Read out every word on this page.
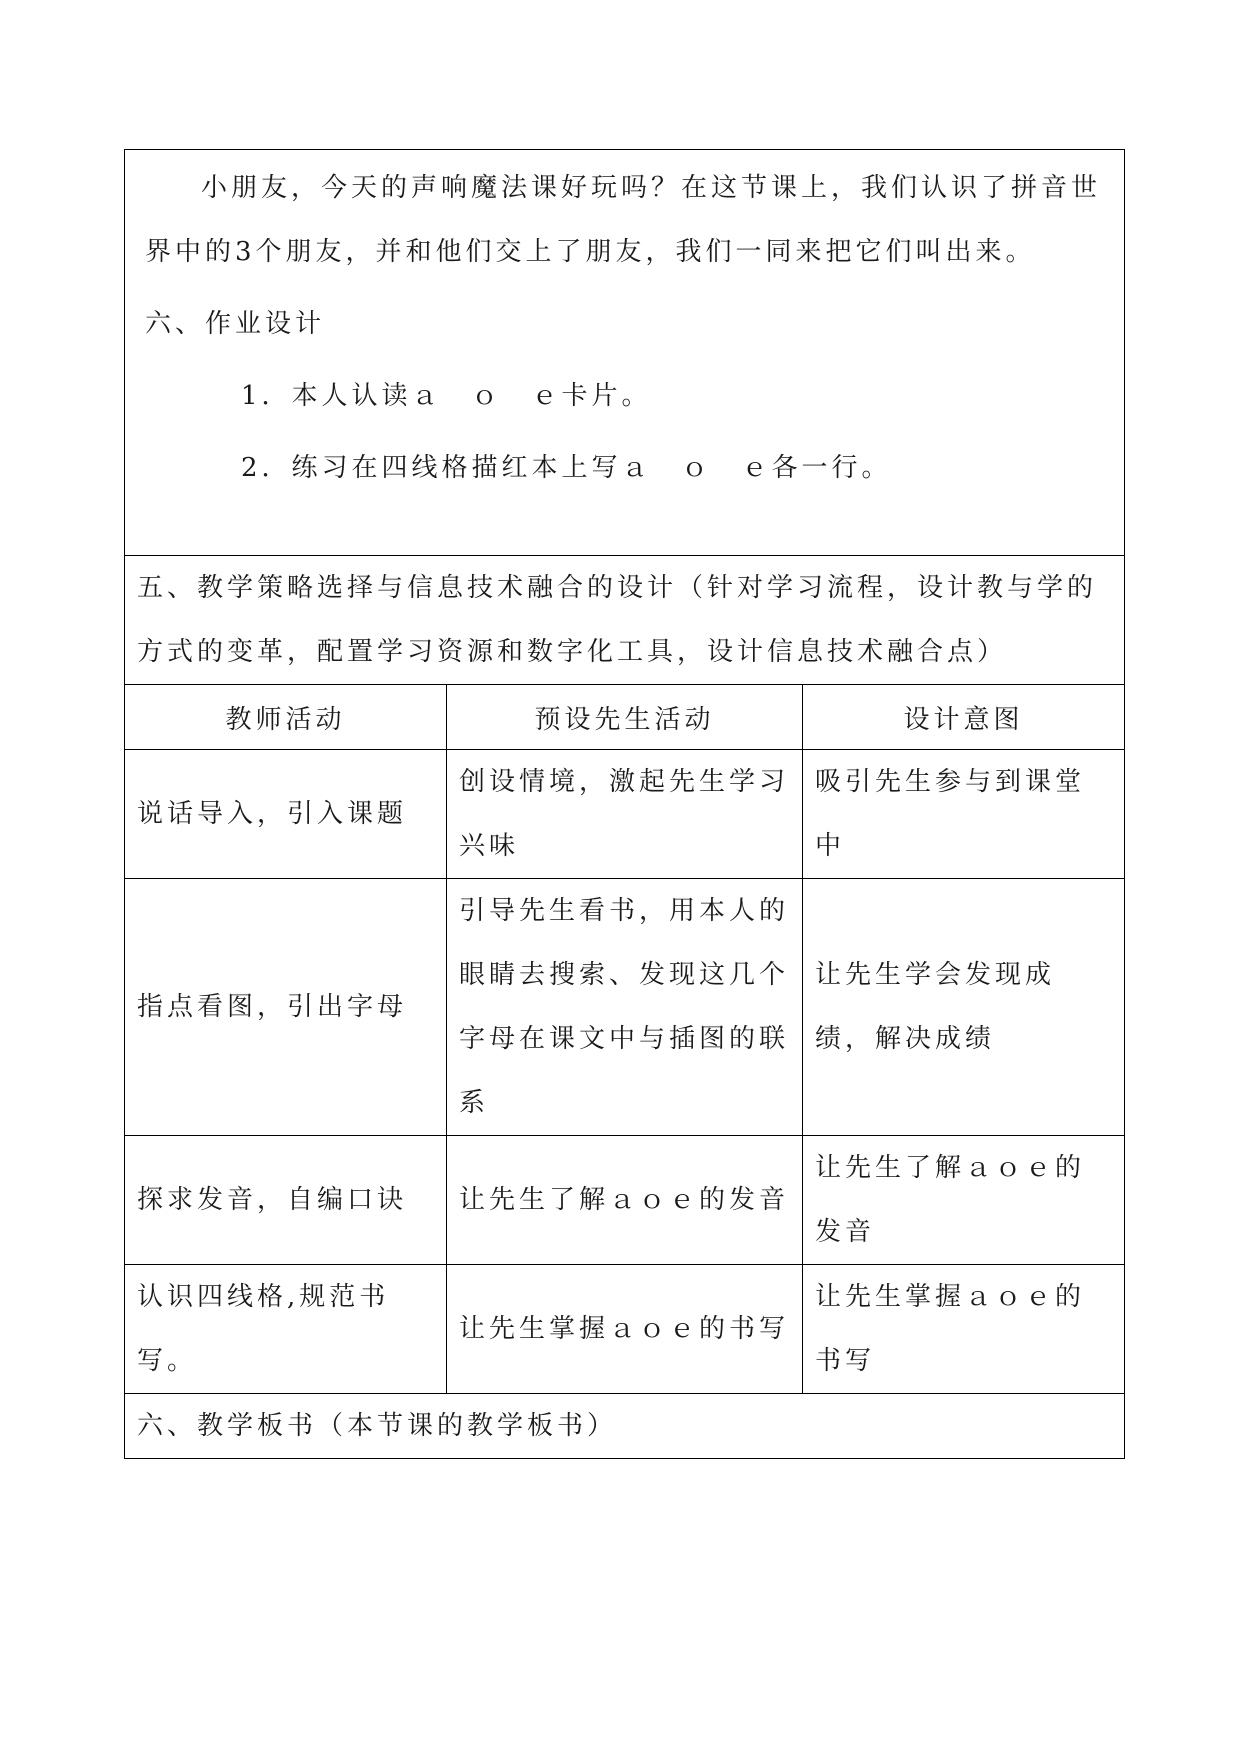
小朋友，今天的声响魔法课好玩吗？在这节课上，我们认识了拼音世界中的3个朋友，并和他们交上了朋友，我们一同来把它们叫出来。

六、作业设计

1．本人认读ａ　ｏ　ｅ卡片。

2．练习在四线格描红本上写ａ　ｏ　ｅ各一行。		

五、教学策略选择与信息技术融合的设计（针对学习流程，设计教与学的方式的变革，配置学习资源和数字化工具，设计信息技术融合点）		
教师活动	预设先生活动	设计意图
说话导入，引入课题	创设情境，激起先生学习兴味	吸引先生参与到课堂中
指点看图，引出字母	引导先生看书，用本人的眼睛去搜索、发现这几个字母在课文中与插图的联系	让先生学会发现成绩，解决成绩
探求发音，自编口诀	让先生了解ａｏｅ的发音	让先生了解ａｏｅ的发音
认识四线格,规范书写。	让先生掌握ａｏｅ的书写	让先生掌握ａｏｅ的书写
六、教学板书（本节课的教学板书）		
